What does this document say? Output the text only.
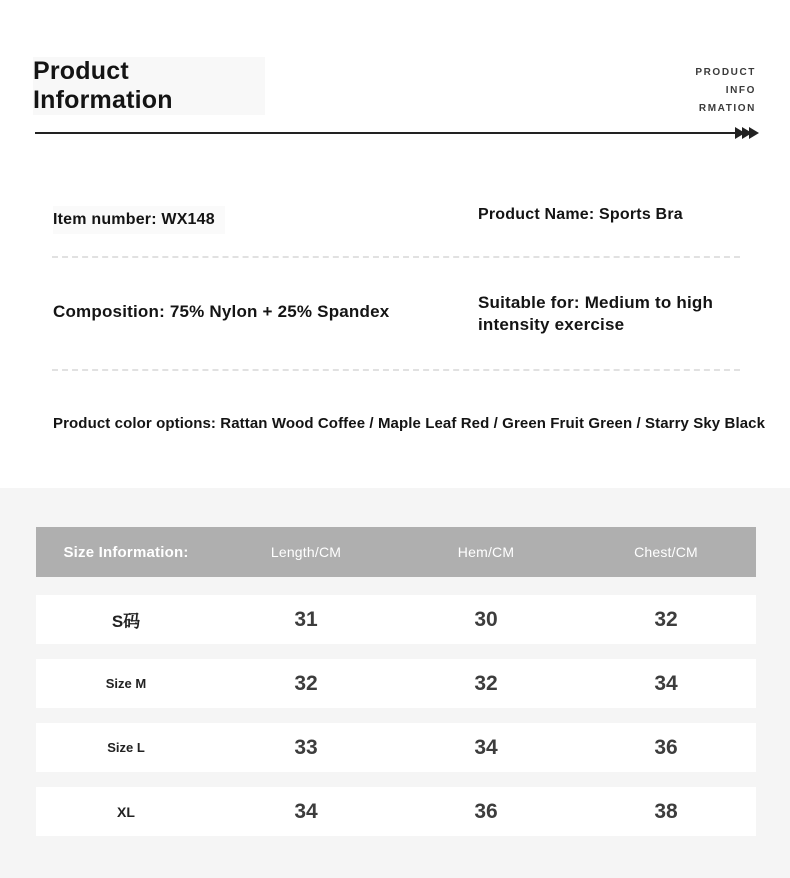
Product
Information
PRODUCT
INFO
RMATION
Item number: WX148	Product Name: Sports Bra
Composition: 75% Nylon + 25% Spandex	Suitable for: Medium to high intensity exercise
Product color options: Rattan Wood Coffee / Maple Leaf Red / Green Fruit Green / Starry Sky Black
Size Information:	Length/CM	Hem/CM	Chest/CM
S码	31	30	32
Size M	32	32	34
Size L	33	34	36
XL	34	36	38
